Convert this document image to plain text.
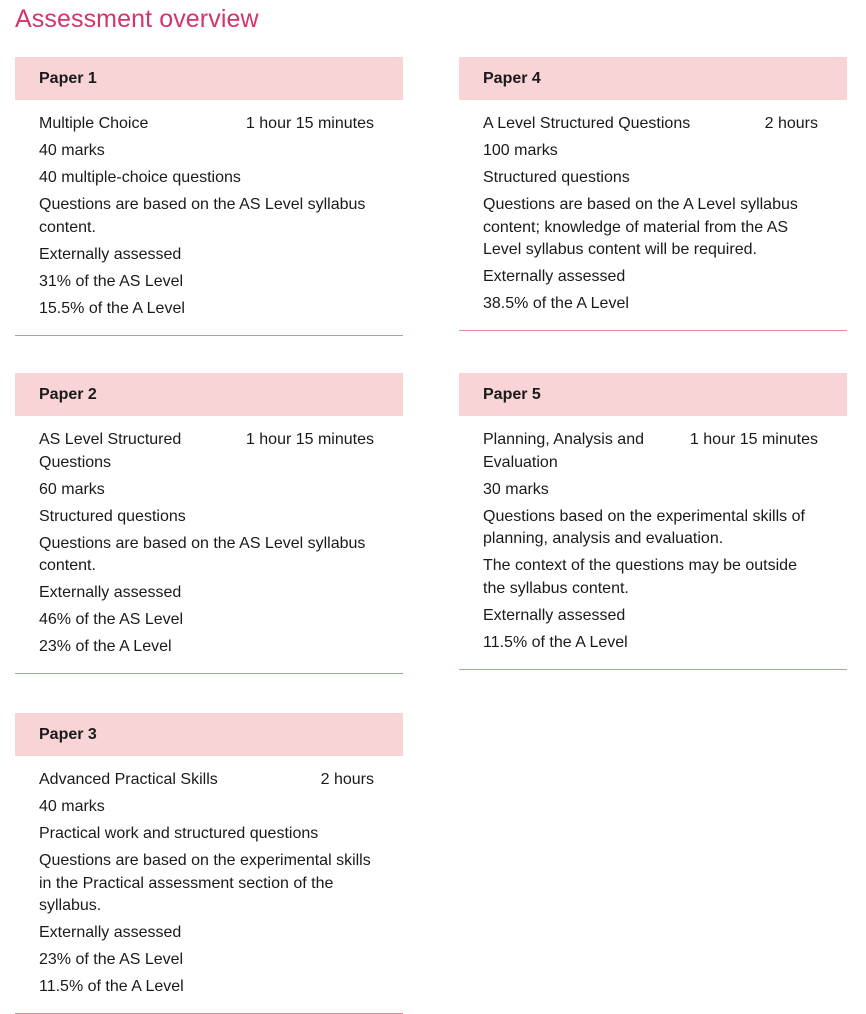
Assessment overview
Paper 1
Multiple Choice	1 hour 15 minutes
40 marks
40 multiple-choice questions
Questions are based on the AS Level syllabus content.
Externally assessed
31% of the AS Level
15.5% of the A Level
Paper 2
AS Level Structured Questions
1 hour 15 minutes
60 marks
Structured questions
Questions are based on the AS Level syllabus content.
Externally assessed
46% of the AS Level
23% of the A Level
Paper 3
Advanced Practical Skills	2 hours
40 marks
Practical work and structured questions
Questions are based on the experimental skills in the Practical assessment section of the syllabus.
Externally assessed
23% of the AS Level
11.5% of the A Level
Paper 4
A Level Structured Questions	2 hours
100 marks
Structured questions
Questions are based on the A Level syllabus content; knowledge of material from the AS Level syllabus content will be required.
Externally assessed
38.5% of the A Level
Paper 5
Planning, Analysis and Evaluation
1 hour 15 minutes
30 marks
Questions based on the experimental skills of planning, analysis and evaluation.
The context of the questions may be outside the syllabus content.
Externally assessed
11.5% of the A Level
